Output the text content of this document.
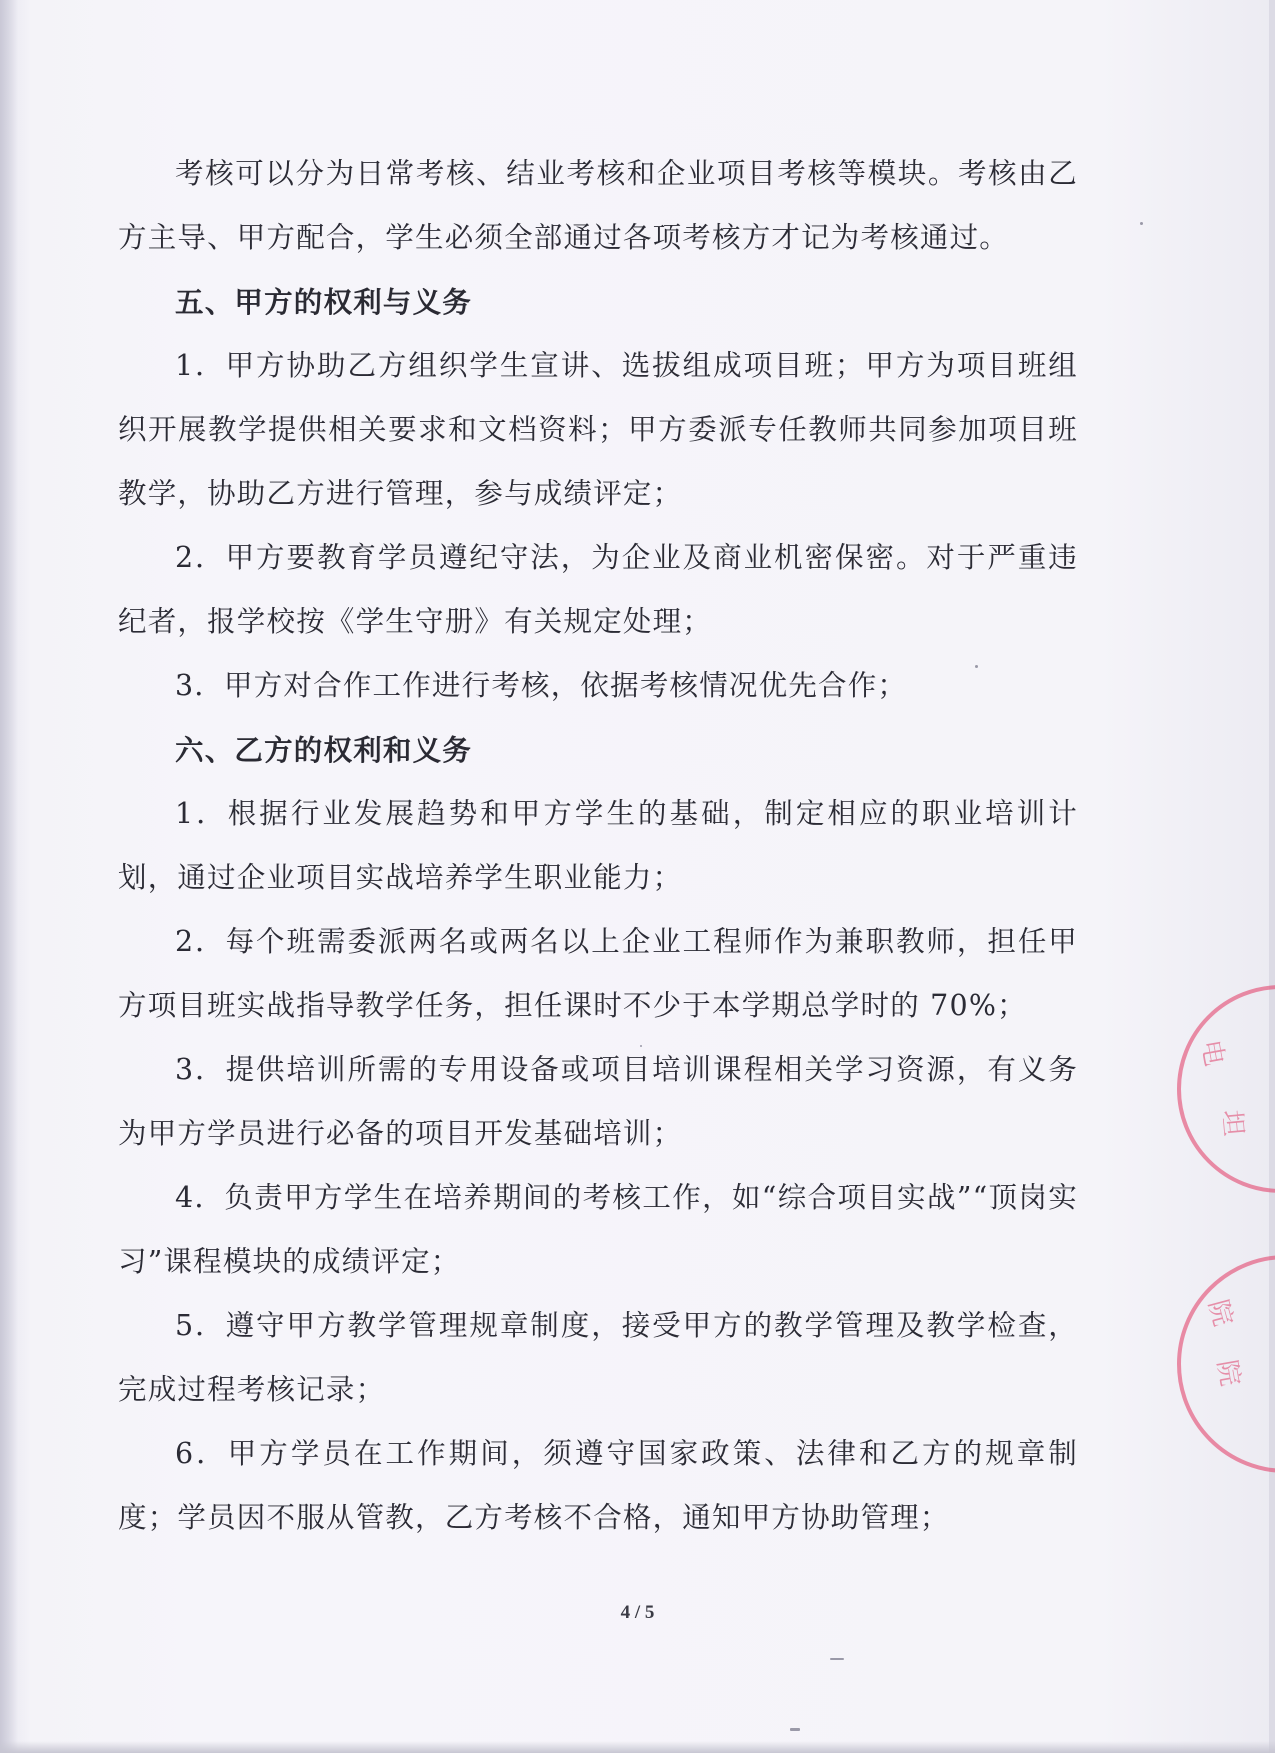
考核可以分为日常考核、结业考核和企业项目考核等模块。考核由乙方主导、甲方配合，学生必须全部通过各项考核方才记为考核通过。

五、甲方的权利与义务

1．甲方协助乙方组织学生宣讲、选拔组成项目班；甲方为项目班组织开展教学提供相关要求和文档资料；甲方委派专任教师共同参加项目班教学，协助乙方进行管理，参与成绩评定；

2．甲方要教育学员遵纪守法，为企业及商业机密保密。对于严重违纪者，报学校按《学生守册》有关规定处理；

3．甲方对合作工作进行考核，依据考核情况优先合作；

六、乙方的权利和义务

1．根据行业发展趋势和甲方学生的基础，制定相应的职业培训计划，通过企业项目实战培养学生职业能力；

2．每个班需委派两名或两名以上企业工程师作为兼职教师，担任甲方项目班实战指导教学任务，担任课时不少于本学期总学时的 70%；

3．提供培训所需的专用设备或项目培训课程相关学习资源，有义务为甲方学员进行必备的项目开发基础培训；

4．负责甲方学生在培养期间的考核工作，如“综合项目实战”“顶岗实习”课程模块的成绩评定；

5．遵守甲方教学管理规章制度，接受甲方的教学管理及教学检查，完成过程考核记录；

6．甲方学员在工作期间，须遵守国家政策、法律和乙方的规章制度；学员因不服从管教，乙方考核不合格，通知甲方协助管理；

4 / 5
电
坦
院
院
